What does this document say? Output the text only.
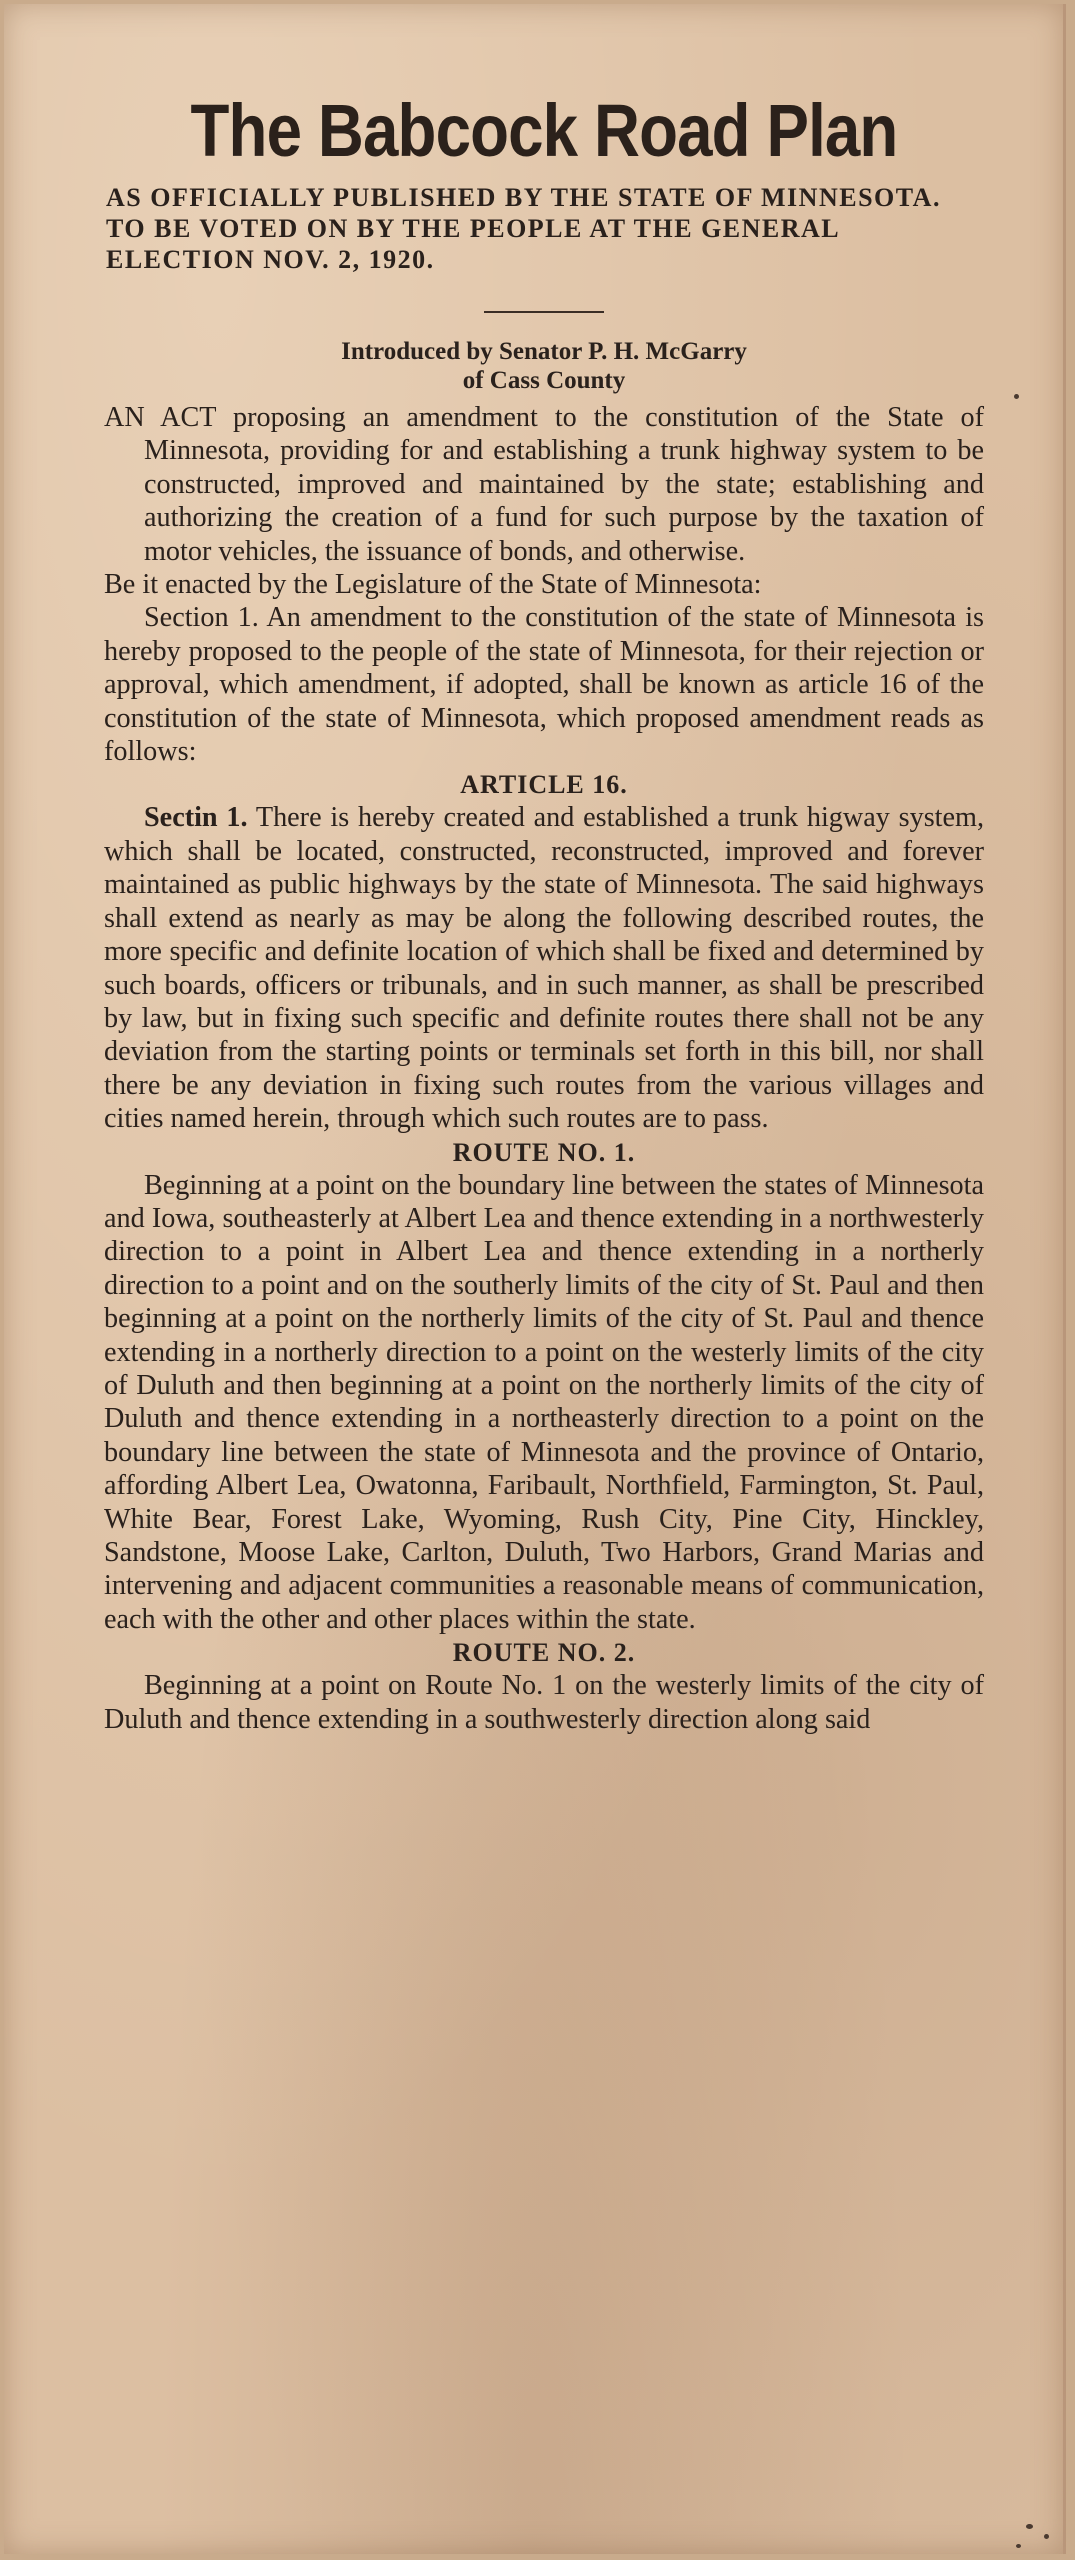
The Babcock Road Plan

AS OFFICIALLY PUBLISHED BY THE STATE OF MINNESOTA. TO BE VOTED ON BY THE PEOPLE AT THE GENERAL ELECTION NOV. 2, 1920.

Introduced by Senator P. H. McGarry

of Cass County

AN ACT proposing an amendment to the constitution of the State of Minnesota, providing for and establishing a trunk highway system to be constructed, improved and maintained by the state; establishing and authorizing the creation of a fund for such purpose by the taxation of motor vehicles, the issuance of bonds, and otherwise.

Be it enacted by the Legislature of the State of Minnesota:

Section 1. An amendment to the constitution of the state of Minnesota is hereby proposed to the people of the state of Minnesota, for their rejection or approval, which amendment, if adopted, shall be known as article 16 of the constitution of the state of Minnesota, which proposed amendment reads as follows:

ARTICLE 16.

Sectin 1. There is hereby created and established a trunk higway system, which shall be located, constructed, reconstructed, improved and forever maintained as public highways by the state of Minnesota. The said highways shall extend as nearly as may be along the following described routes, the more specific and definite location of which shall be fixed and determined by such boards, officers or tribunals, and in such manner, as shall be prescribed by law, but in fixing such specific and definite routes there shall not be any deviation from the starting points or terminals set forth in this bill, nor shall there be any deviation in fixing such routes from the various villages and cities named herein, through which such routes are to pass.

ROUTE NO. 1.

Beginning at a point on the boundary line between the states of Minnesota and Iowa, southeasterly at Albert Lea and thence extending in a northwesterly direction to a point in Albert Lea and thence extending in a northerly direction to a point and on the southerly limits of the city of St. Paul and then beginning at a point on the northerly limits of the city of St. Paul and thence extending in a northerly direction to a point on the westerly limits of the city of Duluth and then beginning at a point on the northerly limits of the city of Duluth and thence extending in a northeasterly direction to a point on the boundary line between the state of Minnesota and the province of Ontario, affording Albert Lea, Owatonna, Faribault, Northfield, Farmington, St. Paul, White Bear, Forest Lake, Wyoming, Rush City, Pine City, Hinckley, Sandstone, Moose Lake, Carlton, Duluth, Two Harbors, Grand Marias and intervening and adjacent communities a reasonable means of communication, each with the other and other places within the state.

ROUTE NO. 2.

Beginning at a point on Route No. 1 on the westerly limits of the city of Duluth and thence extending in a southwesterly direction along said
